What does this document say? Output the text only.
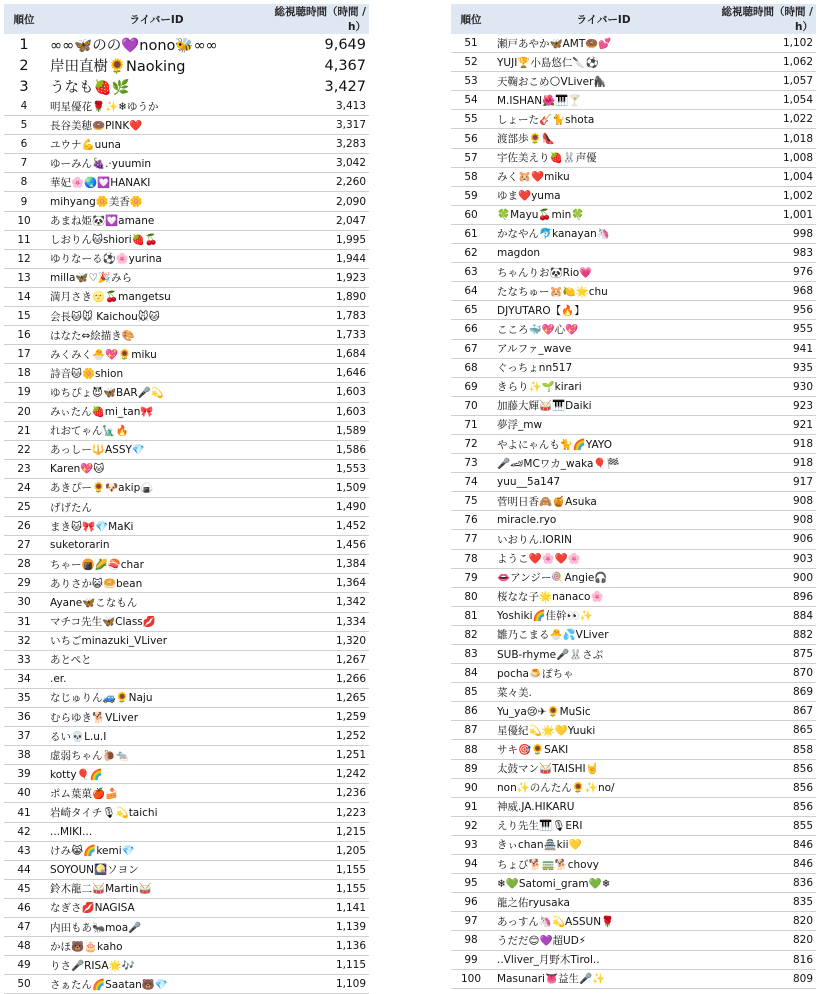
順位	ライバーID	総視聴時間（時間 / h）
1	∞∞🦋のの💜nono🐝∞∞	9,649
2	岸田直樹🌻Naoking	4,367
3	うなも🍓🌿	3,427
4	明星優花🌹✨❄ゆうか	3,413
5	長谷美穂🍩PINK❤️	3,317
6	ユウナ💪uuna	3,283
7	ゆーみん🍇.·yuumin	3,042
8	華妃🌸🌏💟HANAKI	2,260
9	mihyang🌼美香🌼	2,090
10	あまね姫🐼💟amane	2,047
11	しおりん🐱shiori🍓🍒	1,995
12	ゆりなーる⚽🌸yurina	1,944
13	milla🦋♡🎉みら	1,923
14	満月さき🌝🍒mangetsu	1,890
15	会長🐱🐭 Kaichou🐭🐱	1,783
16	はなた⇔絵描き🎨	1,733
17	みくみく🐣💖🌻miku	1,684
18	詩音🐱🌼shion	1,646
19	ゆちぴょ😈🦋BAR🎤💫	1,603
20	みぃたん🍓mi_tan🎀	1,603
21	れおてゃん🗽🔥	1,589
22	あっしー🔱ASSY💎	1,586
23	Karen💖🐱	1,553
24	あきぴー🌻🐶akip🍙	1,509
25	げげたん	1,490
26	まき🐱🎀💎MaKi	1,452
27	suketorarin	1,456
28	ちゃー🍘🌽🍣char	1,384
29	ありさか😺🥯bean	1,364
30	Ayane🦋こなもん	1,342
31	マチコ先生🦋Class💋	1,334
32	いちごminazuki_VLiver	1,320
33	あとぺと	1,267
34	.er.	1,266
35	なじゅりん🚙🌻Naju	1,265
36	むらゆき🐕VLiver	1,259
37	るい💀L.u.I	1,252
38	虚弱ちゃん🐌🐀	1,251
39	kotty🎈🌈	1,242
40	ポム葉菓🍎🍰	1,236
41	岩崎タイチ🎙💫taichi	1,223
42	...MIKI...	1,215
43	けみ😹🌈kemi💎	1,205
44	SOYOUN🎑ソヨン	1,155
45	鈴木龍二🥁Martin🥁	1,155
46	なぎさ💋NAGISA	1,141
47	内田もあ🐜moa🎤	1,139
48	かほ🐻🎂kaho	1,136
49	りさ🎤RISA🌟🎶	1,115
50	さぁたん🌈Saatan🐻💎	1,109
順位	ライバーID	総視聴時間（時間 / h）
51	瀬戸あやか🦋AMT🍩💕	1,102
52	YUJI🏆小島悠仁🔪⚽	1,062
53	天鞠おこめ🌕VLiver🦍	1,057
54	M.ISHAN🌺🎹🍸	1,054
55	しょーた🎸🐈shota	1,022
56	渡部歩🌻👠	1,018
57	宇佐美えり🍓🐰声優	1,008
58	みく🐹❤️miku	1,004
59	ゆま❤️yuma	1,002
60	🍀Mayu🍒min🍀	1,001
61	かなやん🐬kanayan🦄	998
62	magdon	983
63	ちゃんりお🐼Rio💗	976
64	たなちゅー🐹🍋🌟chu	968
65	DJYUTARO【🔥】	956
66	こころ🐳💖心💖	955
67	アルファ_wave	941
68	ぐっちょnn517	935
69	きらり✨🌱kirari	930
70	加藤大輝🥁🎹Daiki	923
71	夢浮_mw	921
72	やよにゃんも🐈🌈YAYO	918
73	🎤🏎MCワカ_waka🎈🏁	918
74	yuu__5a147	917
75	菅明日香🙈🍯Asuka	908
76	miracle.ryo	908
77	いおりん.IORIN	906
78	ようこ❤️🌸❤️🌸	903
79	👄アンジー🍭Angie🎧	900
80	桜なな子🌟nanaco🌸	896
81	Yoshiki🌈佳幹👀✨	884
82	雛乃こまる🐣💦VLiver	882
83	SUB-rhyme🎤🐰さぶ	875
84	pocha🍮ぽちゃ	870
85	菜々美.	869
86	Yu_ya😢✈🌻MuSic	867
87	星優紀💫🌟💛Yuuki	865
88	サキ🎯🌻SAKI	858
89	太鼓マン🥁TAISHI🤘	856
90	non✨のんたん🌻✨no/	856
91	神威.JA.HIKARU	856
92	えり先生🎹🎙ERI	855
93	きぃchan🏯kii💛	846
94	ちょび🐕🚃🐕chovy	846
95	❄💚Satomi_gram💚❄	836
96	龍之佑ryusaka	835
97	あっすん🦄💫ASSUN🌹	820
98	うだだ😊💜超UD⚡	820
99	..Vliver_月野木Tirol..	816
100	Masunari👅益生🎤✨	809
